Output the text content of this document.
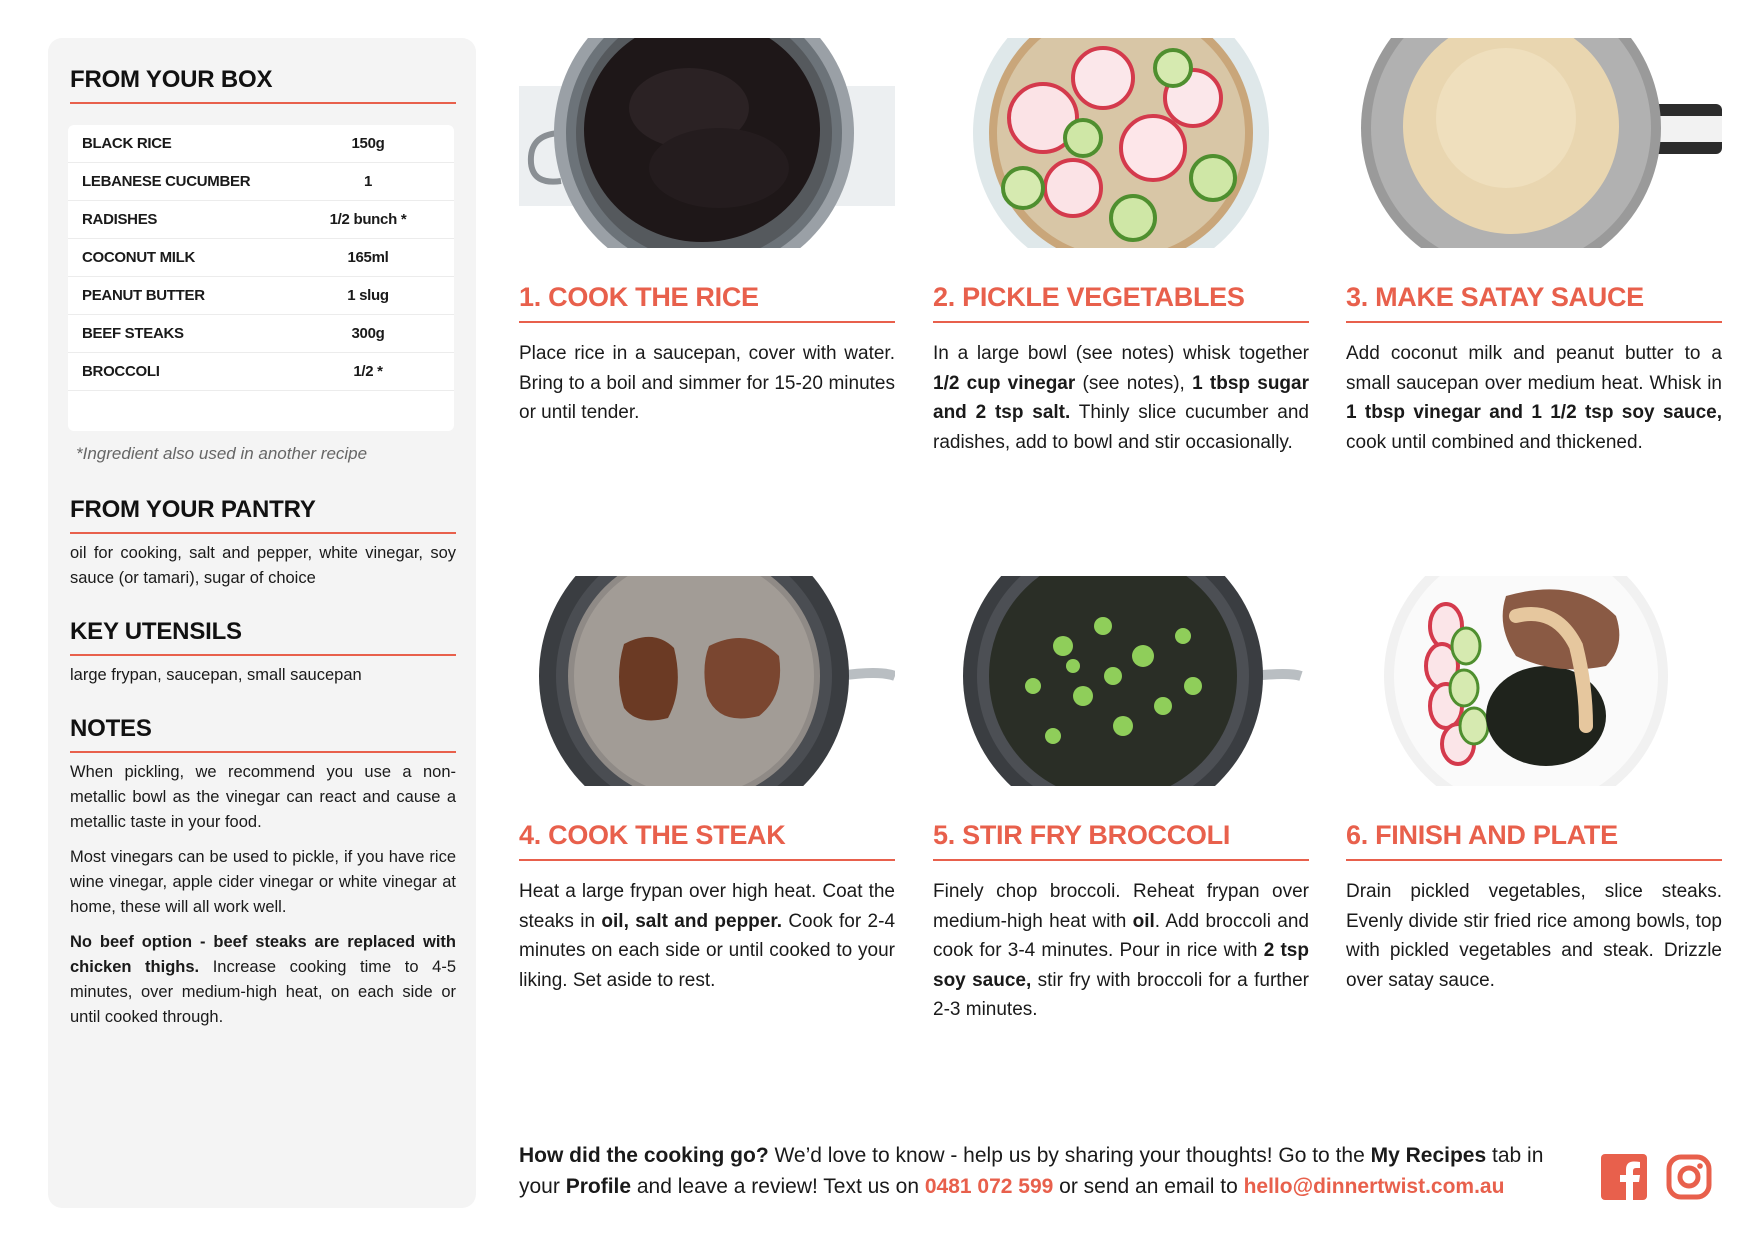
FROM YOUR BOX
BLACK RICE	150g
LEBANESE CUCUMBER	1
RADISHES	1/2 bunch *
COCONUT MILK	165ml
PEANUT BUTTER	1 slug
BEEF STEAKS	300g
BROCCOLI	1/2 *
*Ingredient also used in another recipe
FROM YOUR PANTRY
oil for cooking, salt and pepper, white vinegar, soy sauce (or tamari), sugar of choice
KEY UTENSILS
large frypan, saucepan, small saucepan
NOTES

When pickling, we recommend you use a non-metallic bowl as the vinegar can react and cause a metallic taste in your food.

Most vinegars can be used to pickle, if you have rice wine vinegar, apple cider vinegar or white vinegar at home, these will all work well.

No beef option - beef steaks are replaced with chicken thighs. Increase cooking time to 4-5 minutes, over medium-high heat, on each side or until cooked through.

1. COOK THE RICE
Place rice in a saucepan, cover with water. Bring to a boil and simmer for 15-20 minutes or until tender.
2. PICKLE VEGETABLES
In a large bowl (see notes) whisk together 1/2 cup vinegar (see notes), 1 tbsp sugar and 2 tsp salt. Thinly slice cucumber and radishes, add to bowl and stir occasionally.
3. MAKE SATAY SAUCE
Add coconut milk and peanut butter to a small saucepan over medium heat. Whisk in 1 tbsp vinegar and 1 1/2 tsp soy sauce, cook until combined and thickened.
4. COOK THE STEAK
Heat a large frypan over high heat. Coat the steaks in oil, salt and pepper. Cook for 2-4 minutes on each side or until cooked to your liking. Set aside to rest.
5. STIR FRY BROCCOLI
Finely chop broccoli. Reheat frypan over medium-high heat with oil. Add broccoli and cook for 3-4 minutes. Pour in rice with 2 tsp soy sauce, stir fry with broccoli for a further 2-3 minutes.
6. FINISH AND PLATE
Drain pickled vegetables, slice steaks. Evenly divide stir fried rice among bowls, top with pickled vegetables and steak. Drizzle over satay sauce.
How did the cooking go? We’d love to know - help us by sharing your thoughts! Go to the My Recipes tab in your Profile and leave a review! Text us on 0481 072 599 or send an email to hello@dinnertwist.com.au
